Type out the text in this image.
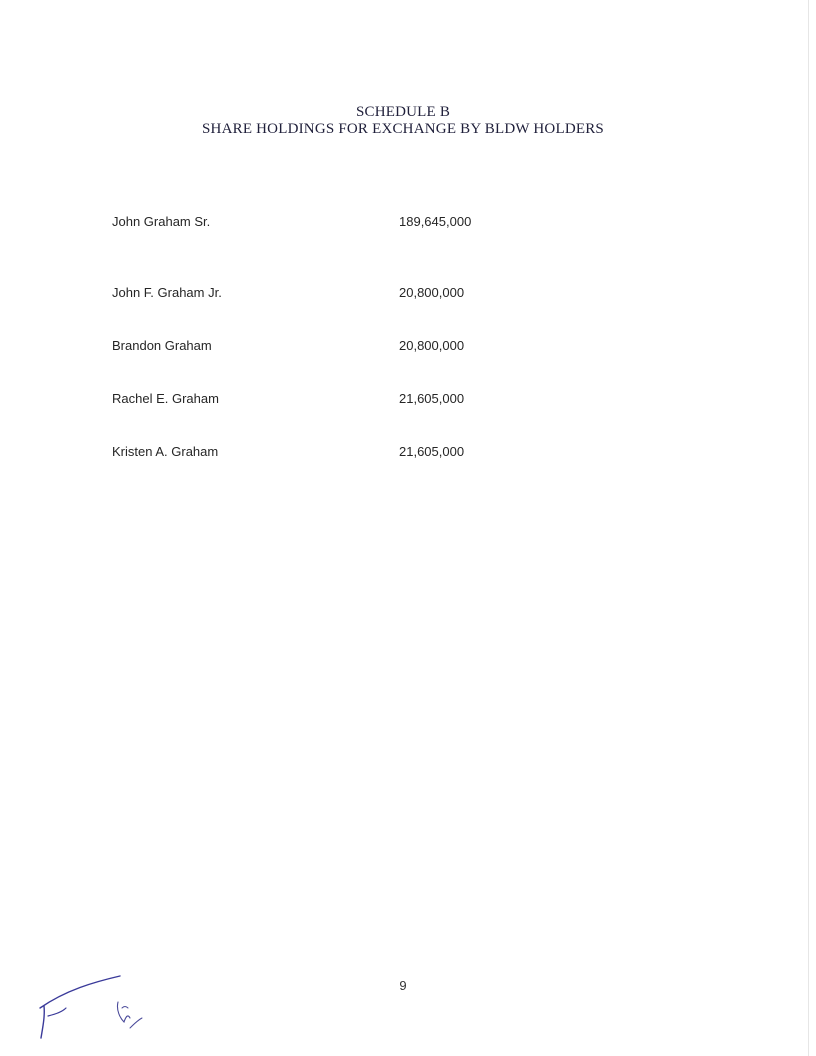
SCHEDULE B
SHARE HOLDINGS FOR EXCHANGE BY BLDW HOLDERS
John Graham Sr.	189,645,000
John F. Graham Jr.	20,800,000
Brandon Graham	20,800,000
Rachel E. Graham	21,605,000
Kristen A. Graham	21,605,000
9
